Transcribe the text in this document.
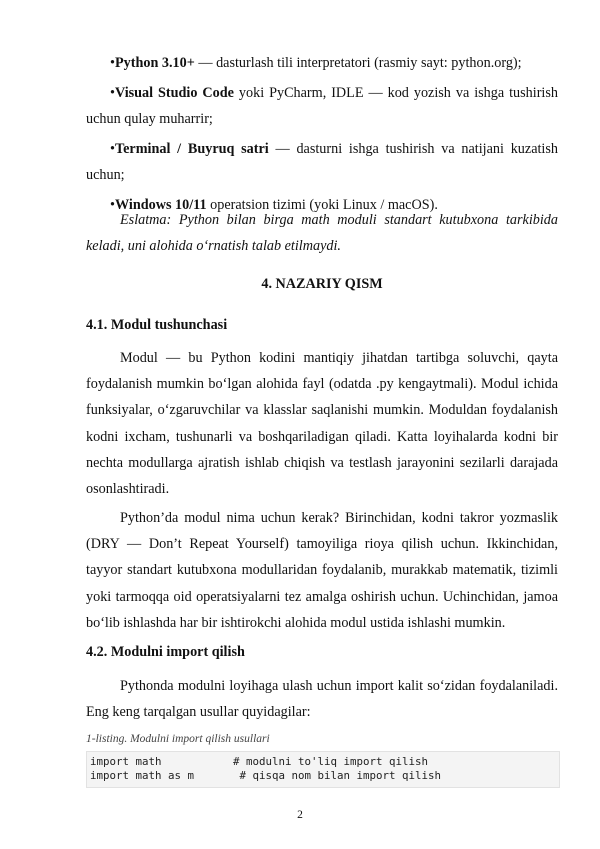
•Python 3.10+ — dasturlash tili interpretatori (rasmiy sayt: python.org);

•Visual Studio Code yoki PyCharm, IDLE — kod yozish va ishga tushirish uchun qulay muharrir;

•Terminal / Buyruq satri — dasturni ishga tushirish va natijani kuzatish uchun;

•Windows 10/11 operatsion tizimi (yoki Linux / macOS).

Eslatma: Python bilan birga math moduli standart kutubxona tarkibida keladi, uni alohida oʻrnatish talab etilmaydi.

4. NAZARIY QISM

4.1. Modul tushunchasi

Modul — bu Python kodini mantiqiy jihatdan tartibga soluvchi, qayta foydalanish mumkin boʻlgan alohida fayl (odatda .py kengaytmali). Modul ichida funksiyalar, oʻzgaruvchilar va klasslar saqlanishi mumkin. Moduldan foydalanish kodni ixcham, tushunarli va boshqariladigan qiladi. Katta loyihalarda kodni bir nechta modullarga ajratish ishlab chiqish va testlash jarayonini sezilarli darajada osonlashtiradi.

Python’da modul nima uchun kerak? Birinchidan, kodni takror yozmaslik (DRY — Don’t Repeat Yourself) tamoyiliga rioya qilish uchun. Ikkinchidan, tayyor standart kutubxona modullaridan foydalanib, murakkab matematik, tizimli yoki tarmoqqa oid operatsiyalarni tez amalga oshirish uchun. Uchinchidan, jamoa boʻlib ishlashda har bir ishtirokchi alohida modul ustida ishlashi mumkin.

4.2. Modulni import qilish

Pythonda modulni loyihaga ulash uchun import kalit soʻzidan foydalaniladi. Eng keng tarqalgan usullar quyidagilar:

1-listing. Modulni import qilish usullari

import math           # modulni to'liq import qilish
import math as m       # qisqa nom bilan import qilish
2
